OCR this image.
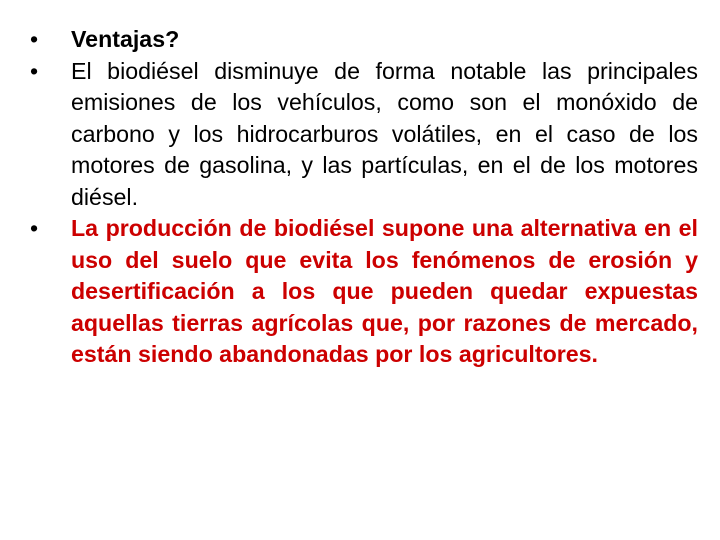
•	Ventajas?
•	El biodiésel disminuye de forma notable las principales emisiones de los vehículos, como son el monóxido de carbono y los hidrocarburos volátiles, en el caso de los motores de gasolina, y las partículas, en el de los motores diésel.
•	La producción de biodiésel supone una alternativa en el uso del suelo que evita los fenómenos de erosión y desertificación a los que pueden quedar expuestas aquellas tierras agrícolas que, por razones de mercado, están siendo abandonadas por los agricultores.
